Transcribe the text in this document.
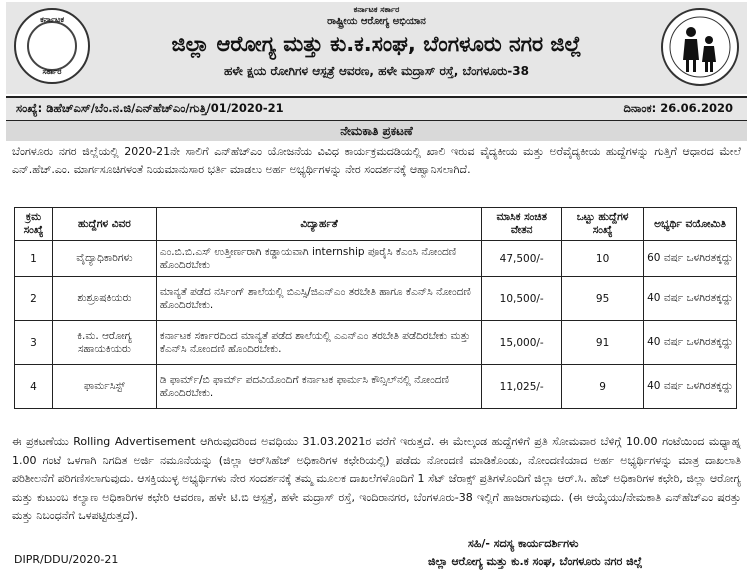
ಕರ್ನಾಟಕ
ಸರ್ಕಾರ
ಕರ್ನಾಟಕ ಸರ್ಕಾರ
ರಾಷ್ಟ್ರೀಯ ಆರೋಗ್ಯ ಅಭಿಯಾನ
ಜಿಲ್ಲಾ ಆರೋಗ್ಯ ಮತ್ತು ಕು.ಕ.ಸಂಘ, ಬೆಂಗಳೂರು ನಗರ ಜಿಲ್ಲೆ
ಹಳೇ ಕ್ಷಯ ರೋಗಿಗಳ ಆಸ್ಪತ್ರೆ ಆವರಣ, ಹಳೇ ಮದ್ರಾಸ್ ರಸ್ತೆ, ಬೆಂಗಳೂರು-38
ಸಂಖ್ಯೆ: ಡಿಹೆಚ್‌ಎಸ್/ಬೆಂ.ನ.ಜಿ/ಎನ್‌ಹೆಚ್‌ಎಂ/ಗುತ್ತಿ/01/2020-21	ದಿನಾಂಕ: 26.06.2020
ನೇಮಕಾತಿ ಪ್ರಕಟಣೆ
ಬೆಂಗಳೂರು ನಗರ ಜಿಲ್ಲೆಯಲ್ಲಿ 2020-21ನೇ ಸಾಲಿಗೆ ಎನ್‌ಹೆಚ್‌ಎಂ ಯೋಜನೆಯ ವಿವಿಧ ಕಾರ್ಯಕ್ರಮದಡಿಯಲ್ಲಿ ಖಾಲಿ ಇರುವ ವೈದ್ಯಕೀಯ ಮತ್ತು ಅರೆವೈದ್ಯಕೀಯ ಹುದ್ದೆಗಳನ್ನು ಗುತ್ತಿಗೆ ಆಧಾರದ ಮೇಲೆ ಎನ್.ಹೆಚ್.ಎಂ. ಮಾರ್ಗಸೂಚಿಗಳಂತೆ ನಿಯಮಾನುಸಾರ ಭರ್ತಿ ಮಾಡಲು ಅರ್ಹ ಅಭ್ಯರ್ಥಿಗಳನ್ನು ನೇರ ಸಂದರ್ಶನಕ್ಕೆ ಆಹ್ವಾನಿಸಲಾಗಿದೆ.
ಕ್ರಮ ಸಂಖ್ಯೆ	ಹುದ್ದೆಗಳ ವಿವರ	ವಿದ್ಯಾರ್ಹತೆ	ಮಾಸಿಕ ಸಂಚಿತ ವೇತನ	ಒಟ್ಟು ಹುದ್ದೆಗಳ ಸಂಖ್ಯೆ	ಅಭ್ಯರ್ಥಿ ವಯೋಮಿತಿ
1	ವೈದ್ಯಾಧಿಕಾರಿಗಳು	ಎಂ.ಬಿ.ಬಿ.ಎಸ್ ಉತ್ತೀರ್ಣರಾಗಿ ಕಡ್ಡಾಯವಾಗಿ internship ಪೂರೈಸಿ ಕೆಎಂಸಿ ನೋಂದಣಿ ಹೊಂದಿರಬೇಕು	47,500/-	10	60 ವರ್ಷ ಒಳಗಿರತಕ್ಕದ್ದು
2	ಶುಶ್ರೂಷಕಿಯರು	ಮಾನ್ಯತೆ ಪಡೆದ ನರ್ಸಿಂಗ್ ಶಾಲೆಯಲ್ಲಿ ಬಿಎಸ್ಸಿ/ಜಿಎನ್‌ಎಂ ತರಬೇತಿ ಹಾಗೂ ಕೆಎನ್‌ಸಿ ನೋಂದಣಿ ಹೊಂದಿರಬೇಕು.	10,500/-	95	40 ವರ್ಷ ಒಳಗಿರತಕ್ಕದ್ದು
3	ಕಿ.ಮ. ಆರೋಗ್ಯ ಸಹಾಯಕಿಯರು	ಕರ್ನಾಟಕ ಸರ್ಕಾರದಿಂದ ಮಾನ್ಯತೆ ಪಡೆದ ಶಾಲೆಯಲ್ಲಿ ಎಎನ್‌ಎಂ ತರಬೇತಿ ಪಡೆದಿರಬೇಕು ಮತ್ತು ಕೆಎನ್‌ಸಿ ನೋಂದಣಿ ಹೊಂದಿರಬೇಕು.	15,000/-	91	40 ವರ್ಷ ಒಳಗಿರತಕ್ಕದ್ದು
4	ಫಾರ್ಮಸಿಸ್ಟ್	ಡಿ ಫಾರ್ಮ್/ಬಿ ಫಾರ್ಮ್ ಪದವಿಯೊಂದಿಗೆ ಕರ್ನಾಟಕ ಫಾರ್ಮಸಿ ಕೌನ್ಸಿಲ್‌ನಲ್ಲಿ ನೋಂದಣಿ ಹೊಂದಿರಬೇಕು.	11,025/-	9	40 ವರ್ಷ ಒಳಗಿರತಕ್ಕದ್ದು
ಈ ಪ್ರಕಟಣೆಯು Rolling Advertisement ಆಗಿರುವುದರಿಂದ ಅವಧಿಯು 31.03.2021ರ ವರೆಗೆ ಇರುತ್ತದೆ. ಈ ಮೇಲ್ಕಂಡ ಹುದ್ದೆಗಳಿಗೆ ಪ್ರತಿ ಸೋಮವಾರ ಬೆಳಿಗ್ಗೆ 10.00 ಗಂಟೆಯಿಂದ ಮಧ್ಯಾಹ್ನ 1.00 ಗಂಟೆ ಒಳಗಾಗಿ ನಿಗದಿತ ಅರ್ಜಿ ನಮೂನೆಯನ್ನು (ಜಿಲ್ಲಾ ಆರ್‌ಸಿಹೆಚ್ ಅಧಿಕಾರಿಗಳ ಕಛೇರಿಯಲ್ಲಿ) ಪಡೆದು ನೋಂದಣಿ ಮಾಡಿಕೊಂಡು, ನೋಂದಣಿಯಾದ ಅರ್ಹ ಅಭ್ಯರ್ಥಿಗಳನ್ನು ಮಾತ್ರ ದಾಖಲಾತಿ ಪರಿಶೀಲನೆಗೆ ಪರಿಗಣಿಸಲಾಗುವುದು. ಆಸಕ್ತಿಯುಳ್ಳ ಅಭ್ಯರ್ಥಿಗಳು ನೇರ ಸಂದರ್ಶನಕ್ಕೆ ತಮ್ಮ ಮೂಲಕ ದಾಖಲೆಗಳೊಂದಿಗೆ 1 ಸೆಟ್ ಜೆರಾಕ್ಸ್ ಪ್ರತಿಗಳೊಂದಿಗೆ ಜಿಲ್ಲಾ ಆರ್.ಸಿ. ಹೆಚ್ ಅಧಿಕಾರಿಗಳ ಕಛೇರಿ, ಜಿಲ್ಲಾ ಆರೋಗ್ಯ ಮತ್ತು ಕುಟುಂಬ ಕಲ್ಯಾಣ ಅಧಿಕಾರಿಗಳ ಕಛೇರಿ ಆವರಣ, ಹಳೇ ಟಿ.ಬಿ ಆಸ್ಪತ್ರೆ, ಹಳೇ ಮದ್ರಾಸ್ ರಸ್ತೆ, ಇಂದಿರಾನಗರ, ಬೆಂಗಳೂರು-38 ಇಲ್ಲಿಗೆ ಹಾಜರಾಗುವುದು. (ಈ ಆಯ್ಕೆಯು/ನೇಮಕಾತಿ ಎನ್‌ಹೆಚ್‌ಎಂ ಷರತ್ತು ಮತ್ತು ನಿಬಂಧನೆಗೆ ಒಳಪಟ್ಟಿರುತ್ತದೆ).
DIPR/DDU/2020-21
ಸಹಿ/- ಸದಸ್ಯ ಕಾರ್ಯದರ್ಶಿಗಳು
ಜಿಲ್ಲಾ ಆರೋಗ್ಯ ಮತ್ತು ಕು.ಕ ಸಂಘ, ಬೆಂಗಳೂರು ನಗರ ಜಿಲ್ಲೆ
